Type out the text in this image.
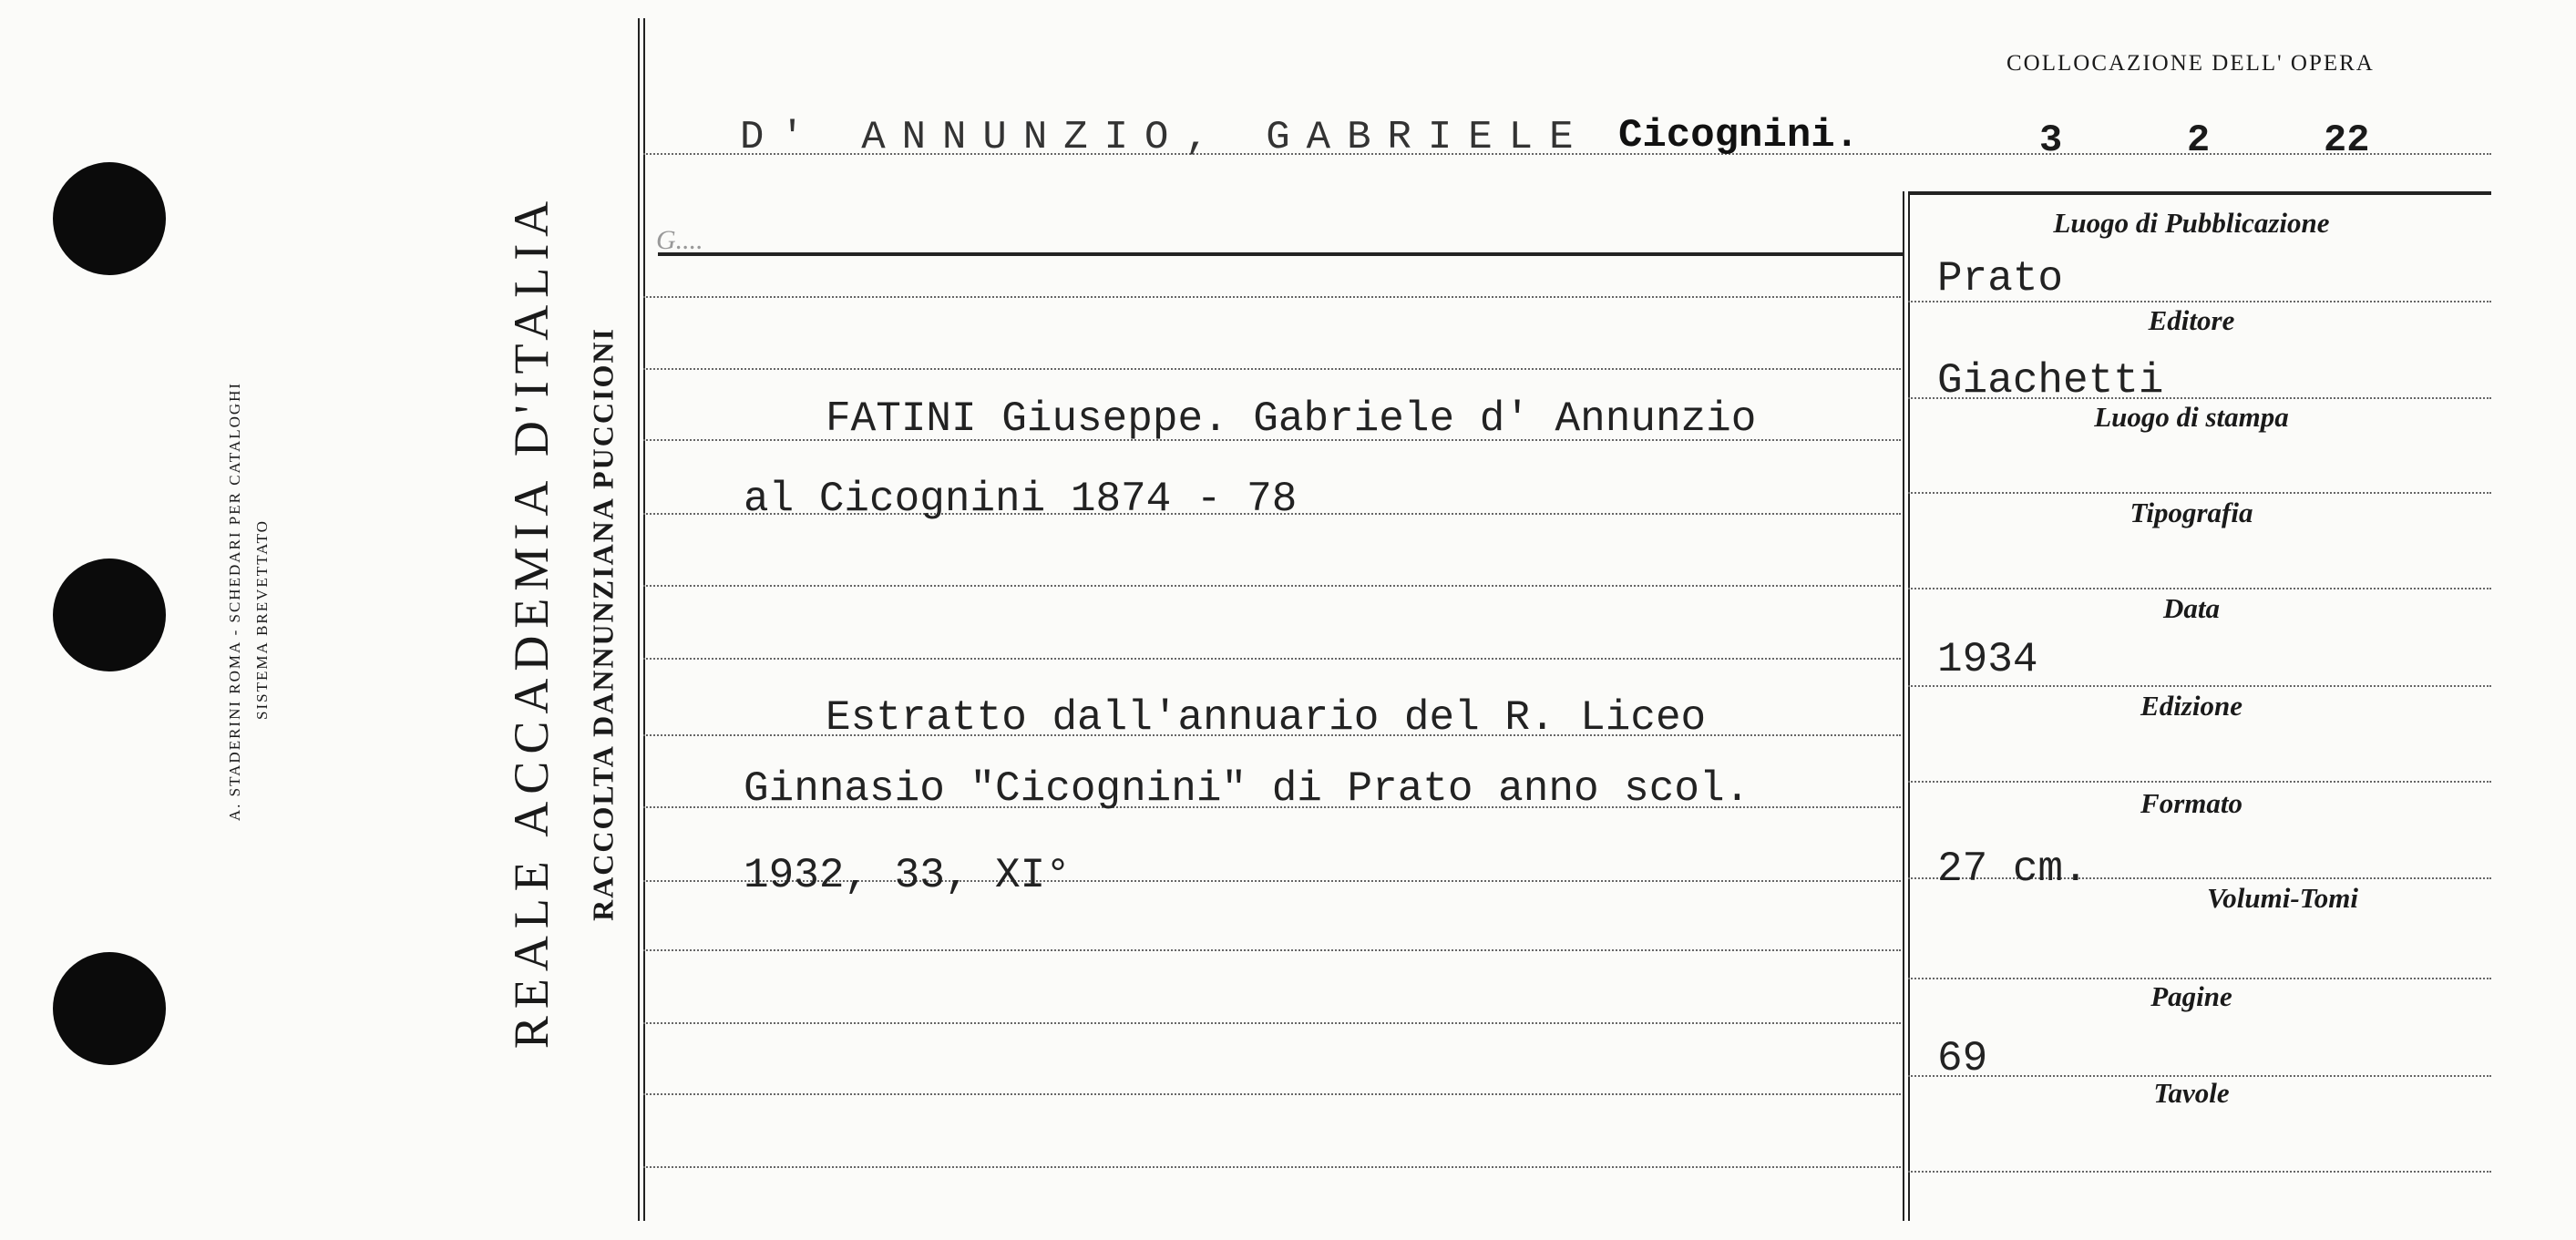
A. STADERINI ROMA - SCHEDARI PER CATALOGHI SISTEMA BREVETTATO	REALE ACCADEMIA D'ITALIA RACCOLTA DANNUNZIANA PUCCIONI
COLLOCAZIONE DELL' OPERA
3	2	22
D' ANNUNZIO, GABRIELE Cicognini.
G....
FATINI Giuseppe. Gabriele d' Annunzio
al Cicognini 1874 - 78
Estratto dall'annuario del R. Liceo
Ginnasio "Cicognini" di Prato anno scol.
1932, 33, XI°
Luogo di Pubblicazione
Prato
Editore
Giachetti
Luogo di stampa
Tipografia
Data
1934
Edizione
Formato
27 cm.
Volumi-Tomi
Pagine
69
Tavole
